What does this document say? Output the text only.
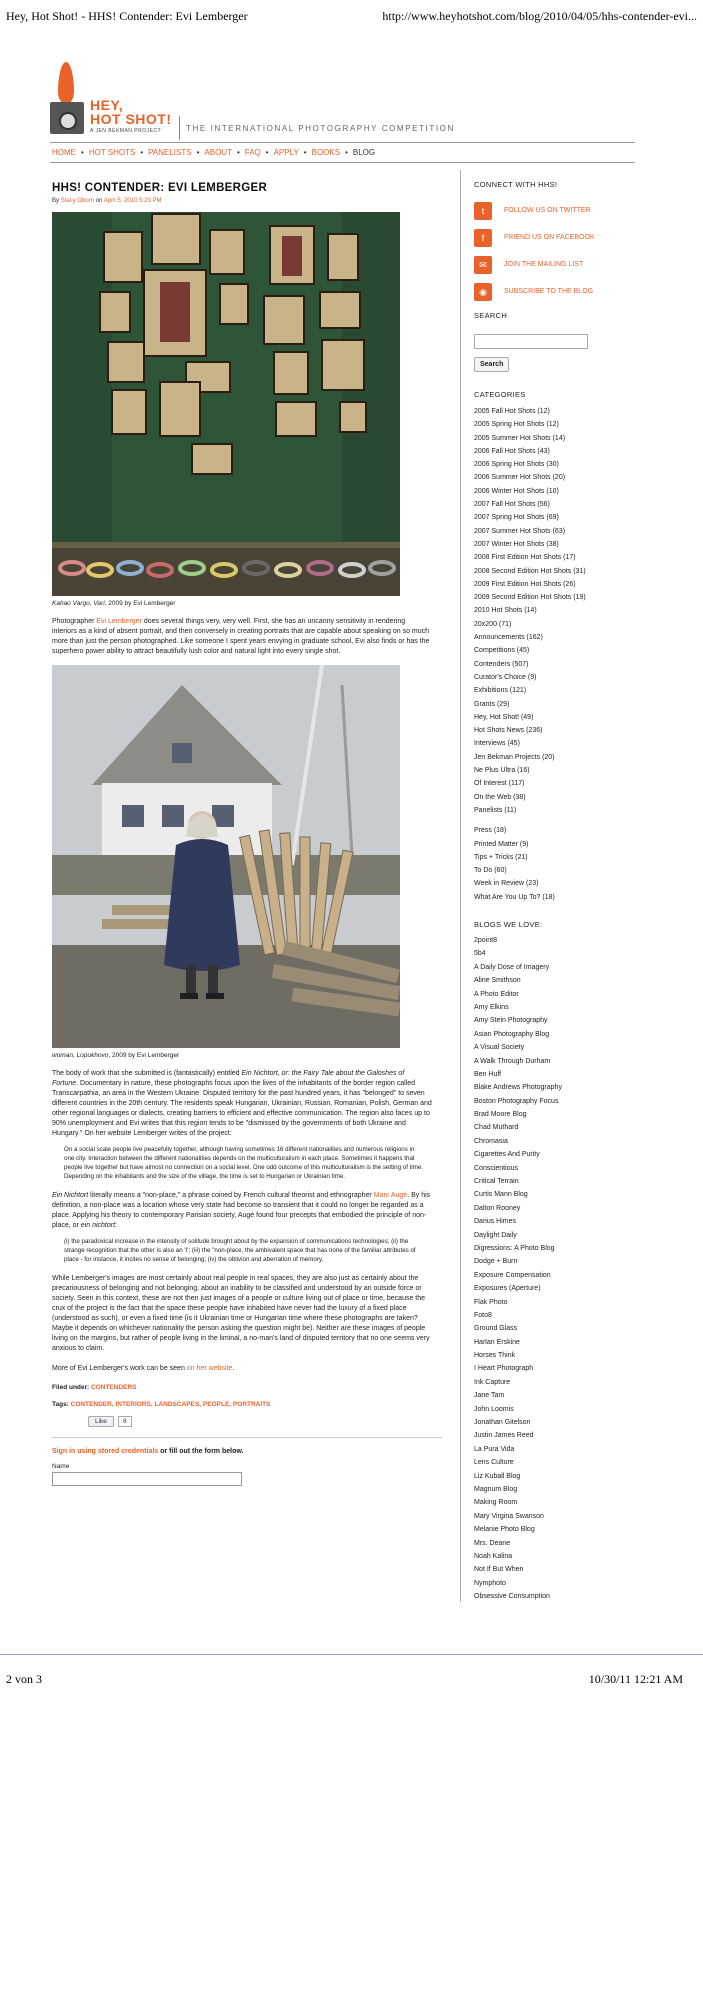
Hey, Hot Shot! - HHS! Contender: Evi Lemberger	http://www.heyhotshot.com/blog/2010/04/05/hhs-contender-evi...
HEY,
HOT SHOT!
A JEN BEKMAN PROJECT	THE INTERNATIONAL PHOTOGRAPHY COMPETITION
HOME • HOT SHOTS • PANELISTS • ABOUT • FAQ • APPLY • BOOKS • BLOG
HHS! CONTENDER: EVI LEMBERGER
By Stacy Oborn on April 5, 2010 5:23 PM
Kahao Vargo, Vari, 2009 by Evi Lemberger
Photographer Evi Lemberger does several things very, very well. First, she has an uncanny sensitivity in rendering interiors as a kind of absent portrait, and then conversely in creating portraits that are capable about speaking on so much more than just the person photographed. Like someone I spent years envying in graduate school, Evi also finds or has the superhero power ability to attract beautifully lush color and natural light into every single shot.
woman, Lopukhovo, 2009 by Evi Lemberger
The body of work that she submitted is (fantastically) entitled Ein Nichtort, or: the Fairy Tale about the Galoshes of Fortune. Documentary in nature, these photographs focus upon the lives of the inhabitants of the border region called Transcarpathia, an area in the Western Ukraine. Disputed territory for the past hundred years, it has "belonged" to seven different countries in the 20th century. The residents speak Hungarian, Ukrainian, Russian, Romanian, Polish, German and other regional languages or dialects, creating barriers to efficient and effective communication. The region also faces up to 90% unemployment and Evi writes that this region tends to be "dismissed by the governments of both Ukraine and Hungary." On her website Lemberger writes of the project:
On a social scale people live peacefully together, although having sometimes 16 different nationalities and numerous religions in one city. Interaction between the different nationalities depends on the multiculturalism in each place. Sometimes it happens that people live together but have almost no connection on a social level. One odd outcome of this multiculturalism is the setting of time. Depending on the inhabitants and the size of the village, the time is set to Hungarian or Ukrainian time.
Ein Nichtort literally means a "non-place," a phrase coined by French cultural theorist and ethnographer Marc Augé. By his definition, a non-place was a location whose very state had become so transient that it could no longer be regarded as a place. Applying his theory to contemporary Parisian society, Augé found four precepts that embodied the principle of non-place, or ein nichtort:
(i) the paradoxical increase in the intensity of solitude brought about by the expansion of communications technologies; (ii) the strange recognition that the other is also an 'I'; (iii) the "non-place, the ambivalent space that has none of the familiar attributes of place - for instance, it incites no sense of belonging; (iv) the oblivion and aberration of memory.
While Lemberger's images are most certainly about real people in real spaces, they are also just as certainly about the precariousness of belonging and not belonging, about an inability to be classified and understood by an outside force or society. Seen in this context, these are not then just images of a people or culture living out of place or time, because the crux of the project is the fact that the space these people have inhabited have never had the luxury of a fixed place (understood as such), or even a fixed time (is it Ukrainian time or Hungarian time where these photographs are taken? Maybe it depends on whichever nationality the person asking the question might be). Neither are these images of people living on the margins, but rather of people living in the liminal, a no-man's land of disputed territory that no one seems very anxious to claim.
More of Evi Lemberger's work can be seen on her website.
Filed under: CONTENDERS
Tags: CONTENDER, INTERIORS, LANDSCAPES, PEOPLE, PORTRAITS
Like	8
Sign in using stored credentials or fill out the form below.
Name
CONNECT WITH HHS!
t	FOLLOW US ON TWITTER
f	FRIEND US ON FACEBOOK
✉	JOIN THE MAILING LIST
◉	SUBSCRIBE TO THE BLOG
SEARCH
Search
CATEGORIES
2005 Fall Hot Shots (12)
2005 Spring Hot Shots (12)
2005 Summer Hot Shots (14)
2006 Fall Hot Shots (43)
2006 Spring Hot Shots (30)
2006 Summer Hot Shots (20)
2006 Winter Hot Shots (10)
2007 Fall Hot Shots (56)
2007 Spring Hot Shots (69)
2007 Summer Hot Shots (63)
2007 Winter Hot Shots (38)
2008 First Edition Hot Shots (17)
2008 Second Edition Hot Shots (31)
2009 First Edition Hot Shots (26)
2009 Second Edition Hot Shots (19)
2010 Hot Shots (14)
20x200 (71)
Announcements (162)
Competitions (45)
Contenders (507)
Curator's Choice (9)
Exhibitions (121)
Grants (29)
Hey, Hot Shot! (49)
Hot Shots News (236)
Interviews (45)
Jen Bekman Projects (20)
Ne Plus Ultra (16)
Of Interest (117)
On the Web (38)
Panelists (11)
Press (18)
Printed Matter (9)
Tips + Tricks (21)
To Do (60)
Week in Review (23)
What Are You Up To? (18)
BLOGS WE LOVE:
2point8
5b4
A Daily Dose of Imagery
Aline Smithson
A Photo Editor
Amy Elkins
Amy Stein Photography
Asian Photography Blog
A Visual Society
A Walk Through Durham
Ben Huff
Blake Andrews Photography
Boston Photography Focus
Brad Moore Blog
Chad Muthard
Chromasia
Cigarettes And Purity
Conscientious
Critical Terrain
Curtis Mann Blog
Dalton Rooney
Darius Himes
Daylight Daily
Digressions: A Photo Blog
Dodge + Burn
Exposure Compensation
Exposures (Aperture)
Flak Photo
Foto8
Ground Glass
Harlan Erskine
Horses Think
I Heart Photograph
Ink Capture
Jane Tam
John Loomis
Jonathan Gitelson
Justin James Reed
La Pura Vida
Lens Culture
Liz Kuball Blog
Magnum Blog
Making Room
Mary Virgina Swanson
Melanie Photo Blog
Mrs. Deane
Noah Kalina
Not If But When
Nymphoto
Obsessive Consumption
2 von 3	10/30/11 12:21 AM
